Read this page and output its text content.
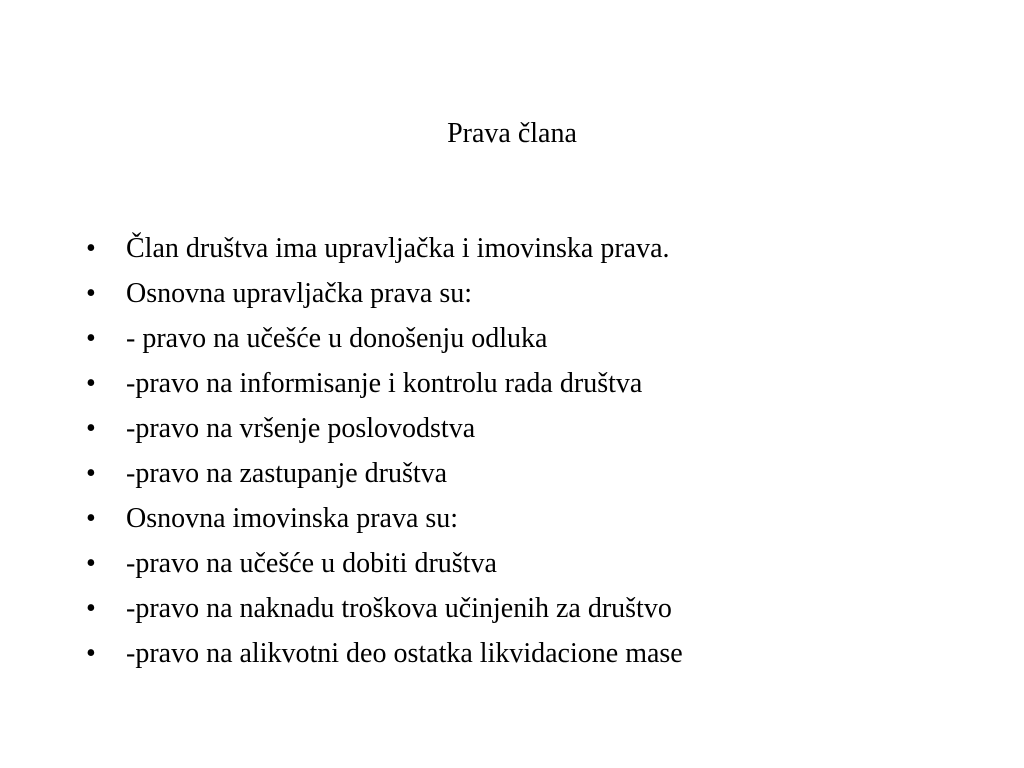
Prava člana
•	Član društva ima upravljačka i imovinska prava.
•	Osnovna upravljačka prava su:
•	- pravo na učešće u donošenju odluka
•	-pravo na informisanje i kontrolu rada društva
•	-pravo na vršenje poslovodstva
•	-pravo na zastupanje društva
•	Osnovna imovinska prava su:
•	-pravo na učešće u dobiti društva
•	-pravo na naknadu troškova učinjenih za društvo
•	-pravo na alikvotni deo ostatka likvidacione mase
